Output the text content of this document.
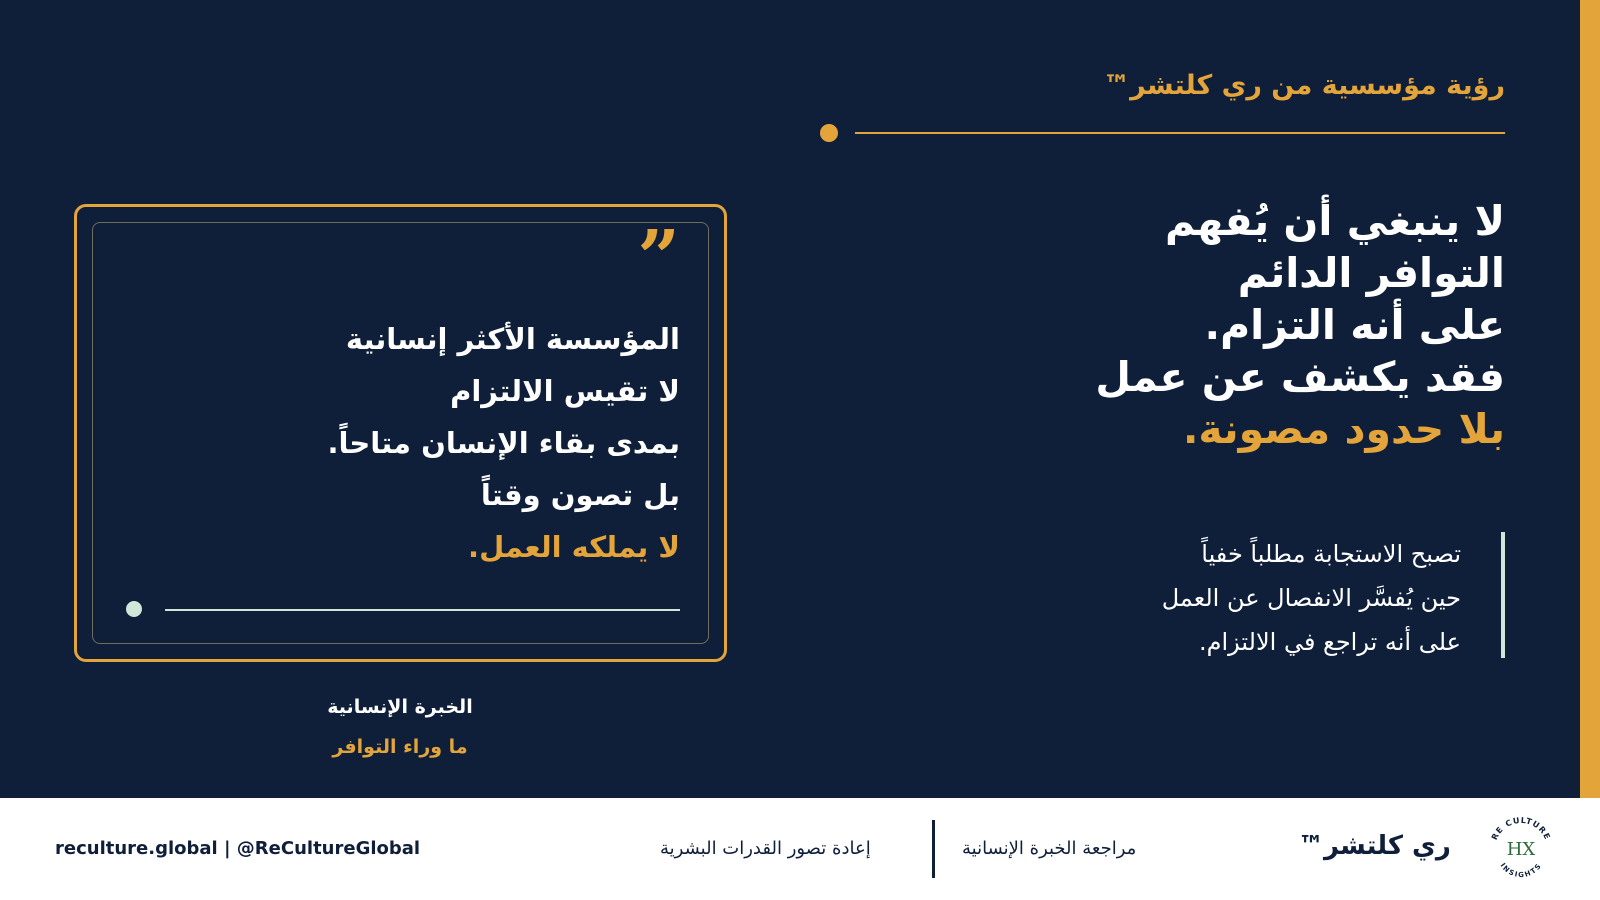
رؤية مؤسسية من ري كلتشر™
لا ينبغي أن يُفهم
التوافر الدائم
على أنه التزام.
فقد يكشف عن عمل
بلا حدود مصونة.
تصبح الاستجابة مطلباً خفياً
حين يُفسَّر الانفصال عن العمل
على أنه تراجع في الالتزام.
”
المؤسسة الأكثر إنسانية
لا تقيس الالتزام
بمدى بقاء الإنسان متاحاً.
بل تصون وقتاً
لا يملكه العمل.
الخبرة الإنسانية
ما وراء التوافر
reculture.global | @ReCultureGlobal	إعادة تصور القدرات البشرية	مراجعة الخبرة الإنسانية	ري كلتشر™	RE CULTURE
INSIGHTS
HX
